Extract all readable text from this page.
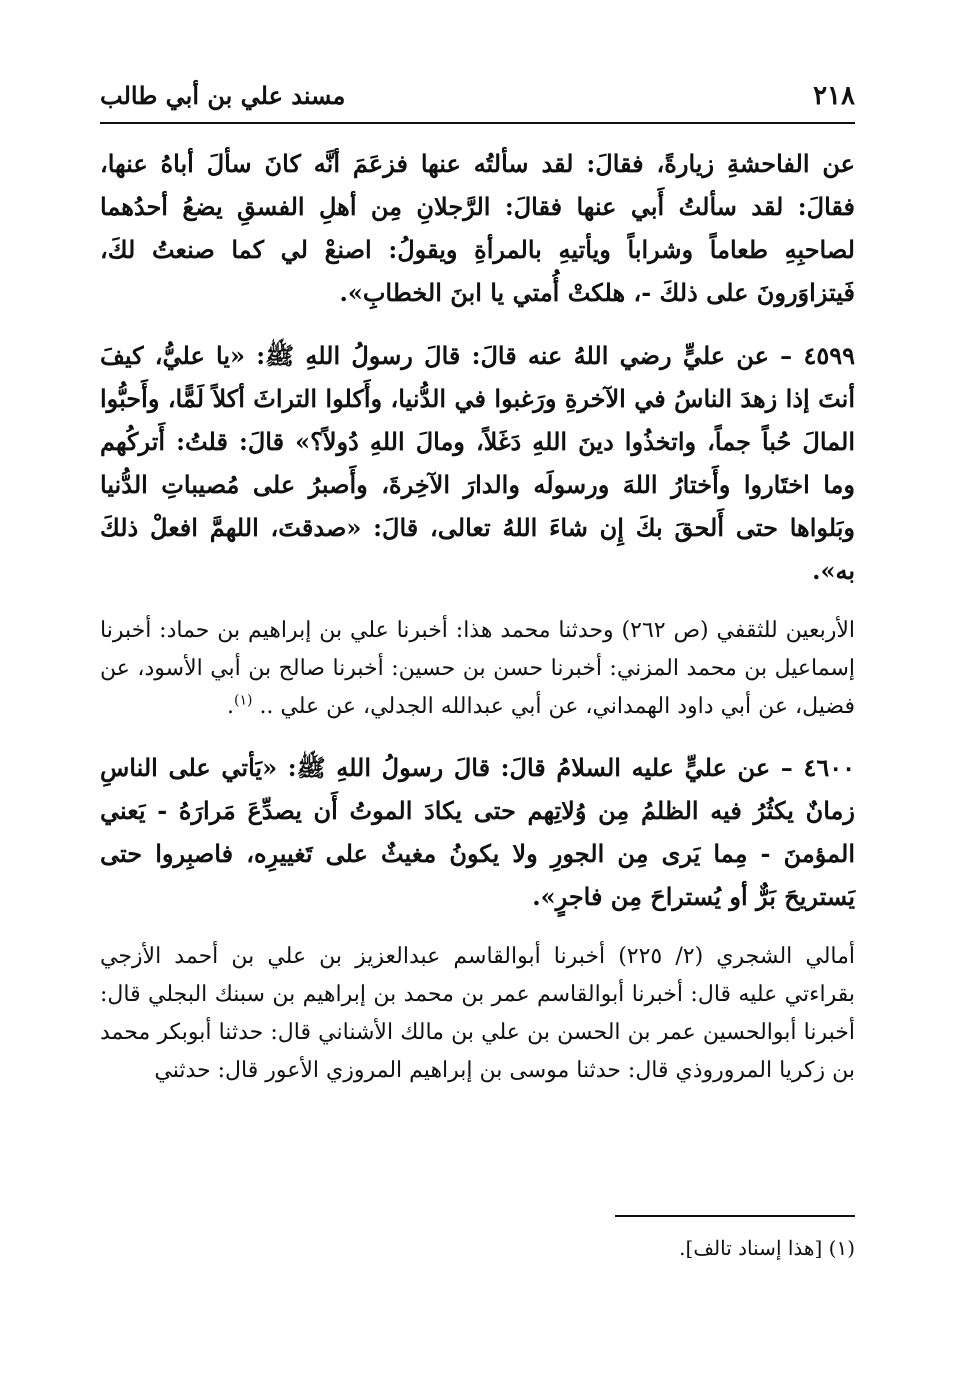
٢١٨
مسند علي بن أبي طالب

عن الفاحشةِ زيارةً، فقالَ: لقد سألتُه عنها فزعَمَ أنَّه كانَ سألَ أباهُ عنها، فقالَ: لقد سألتُ أَبي عنها فقالَ: الرَّجلانِ مِن أهلِ الفسقِ يضعُ أحدُهما لصاحبِهِ طعاماً وشراباً ويأتيهِ بالمرأةِ ويقولُ: اصنعْ لي كما صنعتُ لكَ، فَيتزاوَرونَ على ذلكَ -، هلكتْ أُمتي يا ابنَ الخطابِ».

٤٥٩٩ – عن عليٍّ رضي اللهُ عنه قالَ: قالَ رسولُ اللهِ ﷺ: «يا عليُّ، كيفَ أنتَ إذا زهدَ الناسُ في الآخرةِ ورَغبوا في الدُّنيا، وأَكلوا التراثَ أكلاً لَمًّا، وأَحبُّوا المالَ حُباً جماً، واتخذُوا دينَ اللهِ دَغَلاً، ومالَ اللهِ دُولاً؟» قالَ: قلتُ: أَتركُهم وما اختَاروا وأَختارُ اللهَ ورسولَه والدارَ الآخِرةَ، وأَصبرُ على مُصيباتِ الدُّنيا وبَلواها حتى أَلحقَ بكَ إِن شاءَ اللهُ تعالى، قالَ: «صدقتَ، اللهمَّ افعلْ ذلكَ به».

الأربعين للثقفي (ص ٢٦٢) وحدثنا محمد هذا: أخبرنا علي بن إبراهيم بن حماد: أخبرنا إسماعيل بن محمد المزني: أخبرنا حسن بن حسين: أخبرنا صالح بن أبي الأسود، عن فضيل، عن أبي داود الهمداني، عن أبي عبدالله الجدلي، عن علي .. $^{(١)}$.

٤٦٠٠ – عن عليٍّ عليه السلامُ قالَ: قالَ رسولُ اللهِ ﷺ: «يَأتي على الناسِ زمانٌ يكثُرُ فيه الظلمُ مِن وُلاتِهم حتى يكادَ الموتُ أَن يصدِّعَ مَرارَهُ - يَعني المؤمنَ - مِما يَرى مِن الجورِ ولا يكونُ مغيثٌ على تَغييرِه، فاصبِروا حتى يَستريحَ بَرٌّ أو يُستراحَ مِن فاجرٍ».

أمالي الشجري (٢/ ٢٢٥) أخبرنا أبوالقاسم عبدالعزيز بن علي بن أحمد الأزجي بقراءتي عليه قال: أخبرنا أبوالقاسم عمر بن محمد بن إبراهيم بن سبنك البجلي قال: أخبرنا أبوالحسين عمر بن الحسن بن علي بن مالك الأشناني قال: حدثنا أبوبكر محمد بن زكريا المروروذي قال: حدثنا موسى بن إبراهيم المروزي الأعور قال: حدثني

(١) [هذا إسناد تالف].
